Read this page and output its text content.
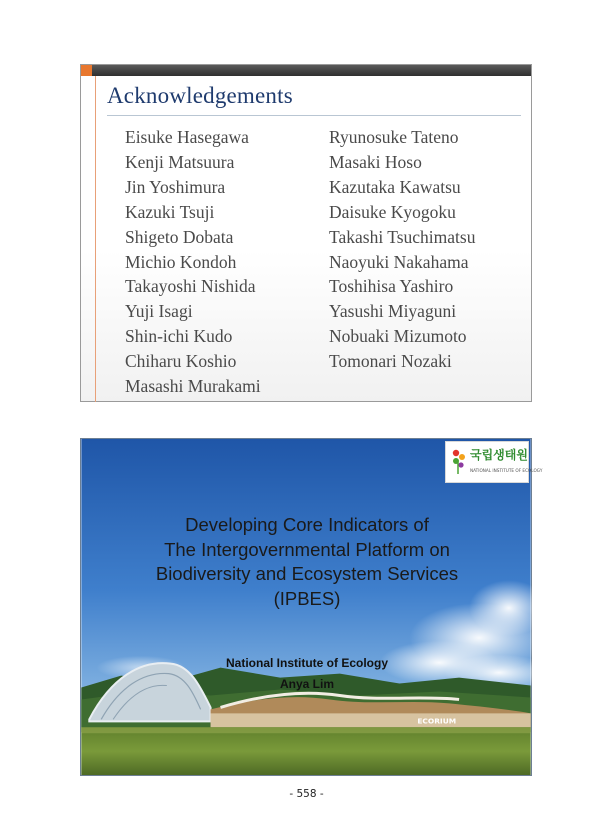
Acknowledgements
Eisuke Hasegawa
Kenji Matsuura
Jin Yoshimura
Kazuki Tsuji
Shigeto Dobata
Michio Kondoh
Takayoshi Nishida
Yuji Isagi
Shin-ichi Kudo
Chiharu Koshio
Masashi Murakami
Ryunosuke Tateno
Masaki Hoso
Kazutaka Kawatsu
Daisuke Kyogoku
Takashi Tsuchimatsu
Naoyuki Nakahama
Toshihisa Yashiro
Yasushi Miyaguni
Nobuaki Mizumoto
Tomonari Nozaki
ECORIUM
국립생태원
NATIONAL INSTITUTE OF ECOLOGY
Developing Core Indicators of
The Intergovernmental Platform on
Biodiversity and Ecosystem Services
(IPBES)
National Institute of Ecology
Anya Lim
- 558 -
